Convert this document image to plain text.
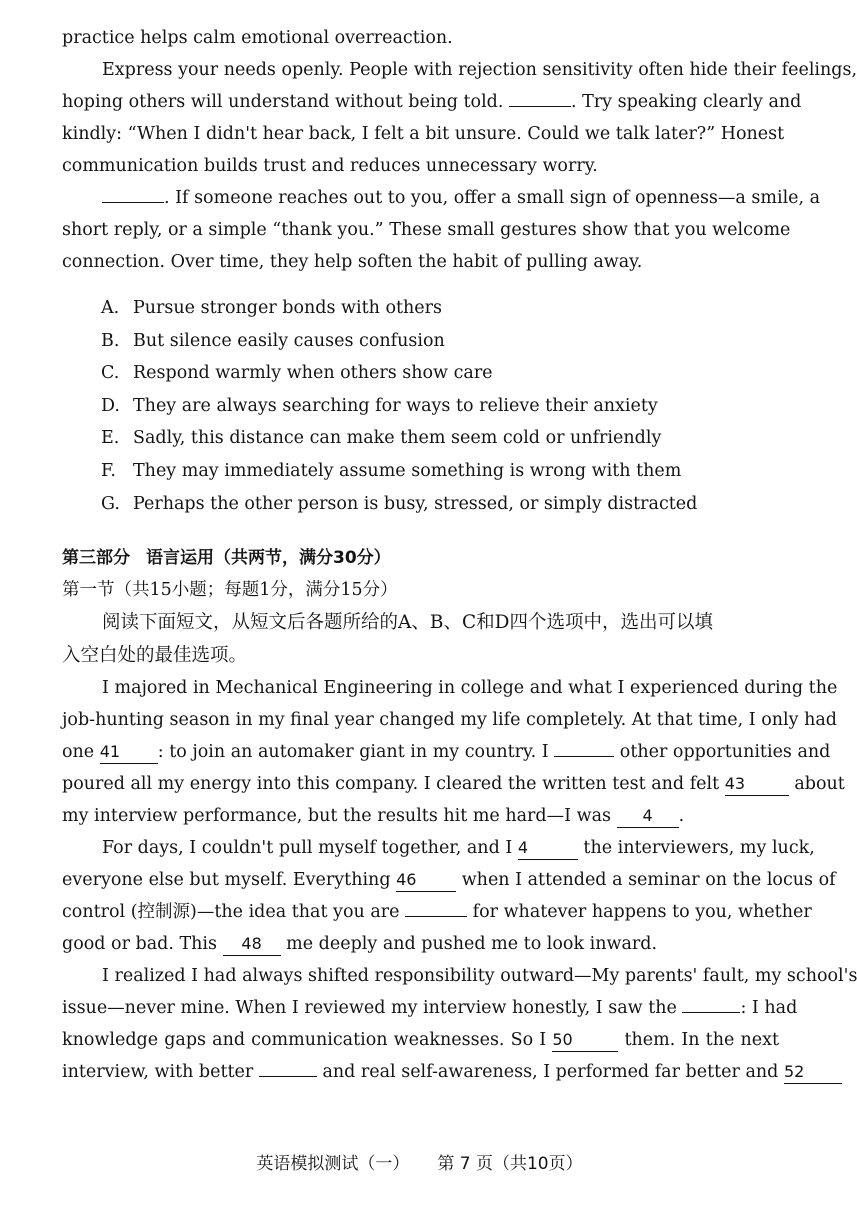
practice helps calm emotional overreaction.
Express your needs openly. People with rejection sensitivity often hide their feelings,
hoping others will understand without being told.	. Try speaking clearly and
kindly: “When I didn't hear back, I felt a bit unsure. Could we talk later?” Honest
communication builds trust and reduces unnecessary worry.
. If someone reaches out to you, offer a small sign of openness—a smile, a
short reply, or a simple “thank you.” These small gestures show that you welcome
connection. Over time, they help soften the habit of pulling away.
A. Pursue stronger bonds with others
B. But silence easily causes confusion
C. Respond warmly when others show care
D. They are always searching for ways to relieve their anxiety
E. Sadly, this distance can make them seem cold or unfriendly
F. They may immediately assume something is wrong with them
G. Perhaps the other person is busy, stressed, or simply distracted
第三部分 语言运用（共两节，满分30分）
第一节（共15小题；每题1分，满分15分）
阅读下面短文，从短文后各题所给的A、B、C和D四个选项中，选出可以填
入空白处的最佳选项。
I majored in Mechanical Engineering in college and what I experienced during the
job-hunting season in my final year changed my life completely. At that time, I only had
one 41 : to join an automaker giant in my country. I	other opportunities and
poured all my energy into this company. I cleared the written test and felt 43	about
my interview performance, but the results hit me hard—I was 4 .
For days, I couldn't pull myself together, and I 4	the interviewers, my luck,
everyone else but myself. Everything 46	when I attended a seminar on the locus of
control (控制源)—the idea that you are	for whatever happens to you, whether
good or bad. This 48 me deeply and pushed me to look inward.
I realized I had always shifted responsibility outward—My parents' fault, my school's
issue—never mine. When I reviewed my interview honestly, I saw the	: I had
knowledge gaps and communication weaknesses. So I 50	them. In the next
interview, with better	and real self-awareness, I performed far better and 52
英语模拟测试（一） 第 7 页（共10页）
